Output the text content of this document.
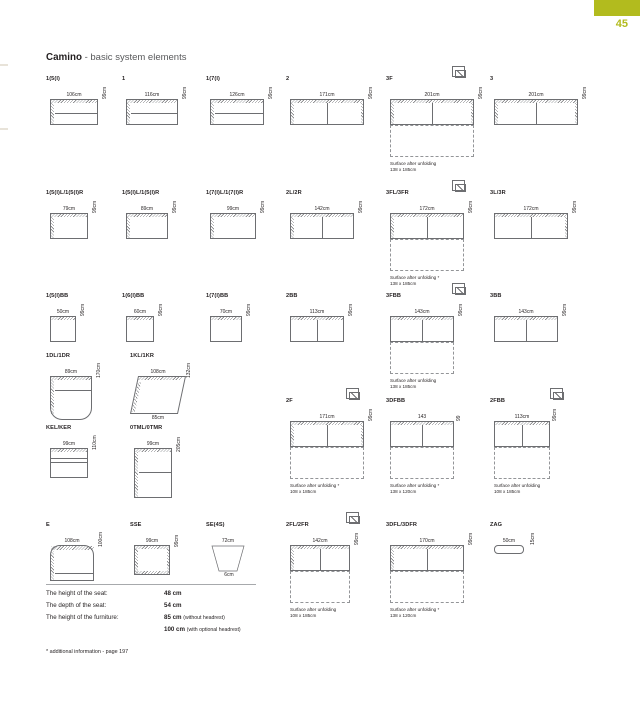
45
Camino - basic system elements
1(5(I)
106cm	99cm
1
116cm	99cm
1(7(I)
126cm	99cm
2
171cm	99cm
3F
201cm	99cm
Surface after unfolding
138 x 185cm
3
201cm	99cm
1(5(I)L/1(5(I)R
79cm	99cm
1(5(I)L/1(5(I)R
89cm	99cm
1(7(I)L/1(7(I)R
99cm	99cm
2L/2R
142cm	99cm
3FL/3FR
172cm	99cm
Surface after unfolding *
138 x 185cm
3L/3R
172cm	99cm
1(5(I)BB
50cm	99cm
1(6(I)BB
60cm	99cm
1(7(I)BB
70cm	99cm
2BB
113cm	99cm
3FBB
143cm	99cm
Surface after unfolding
138 x 185cm
3BB
143cm	99cm
1DL/1DR
89cm	170cm
1KL/1KR
108cm	132cm
85cm
2F
171cm	99cm
Surface after unfolding *
108 x 185cm
3DFBB
143	99
Surface after unfolding *
138 x 120cm
2FBB
113cm	99cm
Surface after unfolding
108 x 185cm
KEL/KER
99cm	110cm
0TML/0TMR
99cm	205cm
E
108cm	100cm
SSE
99cm	99cm
SE(4S)
72cm
6cm
2FL/2FR
142cm	99cm
Surface after unfolding
108 x 185cm
3DFL/3DFR
170cm	99cm
Surface after unfolding *
138 x 120cm
ZAG
50cm	15cm
The height of the seat:	48 cm
The depth of the seat:	54 cm
The height of the furniture:	85 cm (without headrest)
100 cm (with optional headrest)
* additional information - page 197
